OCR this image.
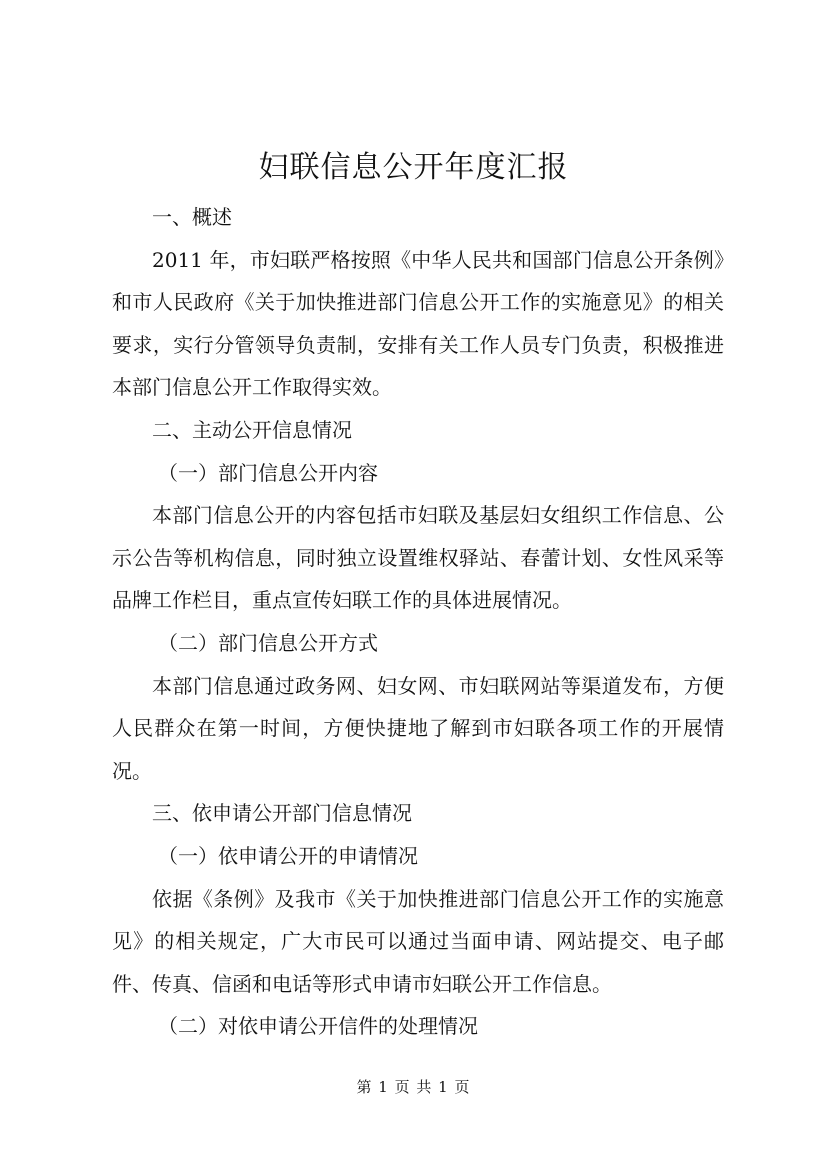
妇联信息公开年度汇报

一、概述

2011 年，市妇联严格按照《中华人民共和国部门信息公开条例》和市人民政府《关于加快推进部门信息公开工作的实施意见》的相关要求，实行分管领导负责制，安排有关工作人员专门负责，积极推进本部门信息公开工作取得实效。

二、主动公开信息情况

（一）部门信息公开内容

本部门信息公开的内容包括市妇联及基层妇女组织工作信息、公示公告等机构信息，同时独立设置维权驿站、春蕾计划、女性风采等品牌工作栏目，重点宣传妇联工作的具体进展情况。

（二）部门信息公开方式

本部门信息通过政务网、妇女网、市妇联网站等渠道发布，方便人民群众在第一时间，方便快捷地了解到市妇联各项工作的开展情况。

三、依申请公开部门信息情况

（一）依申请公开的申请情况

依据《条例》及我市《关于加快推进部门信息公开工作的实施意见》的相关规定，广大市民可以通过当面申请、网站提交、电子邮件、传真、信函和电话等形式申请市妇联公开工作信息。

（二）对依申请公开信件的处理情况

第 1 页 共 1 页
